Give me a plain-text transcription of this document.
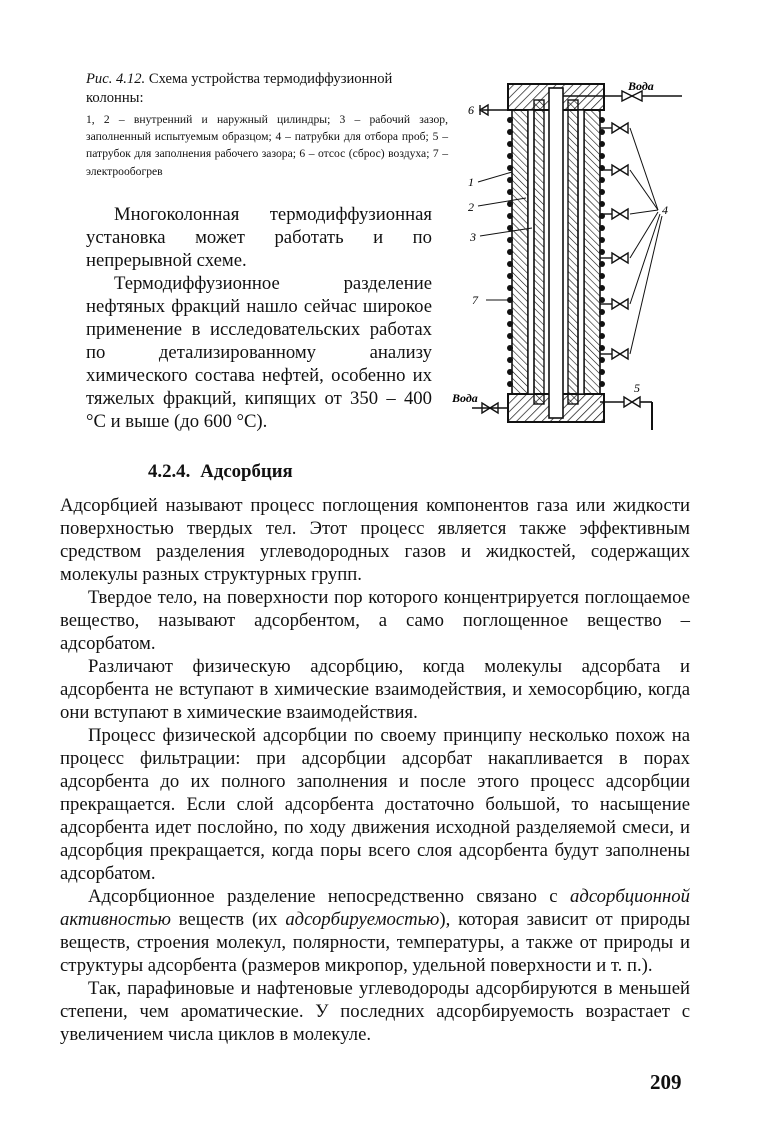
Рис. 4.12. Схема устройства термодиффузионной колонны:
1, 2 – внутренний и наружный цилиндры; 3 – рабочий зазор, заполненный испытуемым образцом; 4 – патрубки для отбора проб; 5 – патрубок для заполнения рабочего зазора; 6 – отсос (сброс) воздуха; 7 – электрообогрев
Вода
Вода
1
2
3
4
5
6
7

Многоколонная термодиффузионная установка может работать и по непрерывной схеме.

Термодиффузионное разделение нефтяных фракций нашло сейчас широкое применение в исследовательских работах по детализированному анализу химического состава нефтей, особенно их тяжелых фракций, кипящих от 350 – 400 °С и выше (до 600 °С).

4.2.4. Адсорбция

Адсорбцией называют процесс поглощения компонентов газа или жидкости поверхностью твердых тел. Этот процесс является также эффективным средством разделения углеводородных газов и жидкостей, содержащих молекулы разных структурных групп.

Твердое тело, на поверхности пор которого концентрируется поглощаемое вещество, называют адсорбентом, а само поглощенное вещество – адсорбатом.

Различают физическую адсорбцию, когда молекулы адсорбата и адсорбента не вступают в химические взаимодействия, и хемосорбцию, когда они вступают в химические взаимодействия.

Процесс физической адсорбции по своему принципу несколько похож на процесс фильтрации: при адсорбции адсорбат накапливается в порах адсорбента до их полного заполнения и после этого процесс адсорбции прекращается. Если слой адсорбента достаточно большой, то насыщение адсорбента идет послойно, по ходу движения исходной разделяемой смеси, и адсорбция прекращается, когда поры всего слоя адсорбента будут заполнены адсорбатом.

Адсорбционное разделение непосредственно связано с адсорбционной активностью веществ (их адсорбируемостью), которая зависит от природы веществ, строения молекул, полярности, температуры, а также от природы и структуры адсорбента (размеров микропор, удельной поверхности и т. п.).

Так, парафиновые и нафтеновые углеводороды адсорбируются в меньшей степени, чем ароматические. У последних адсорбируемость возрастает с увеличением числа циклов в молекуле.

209
